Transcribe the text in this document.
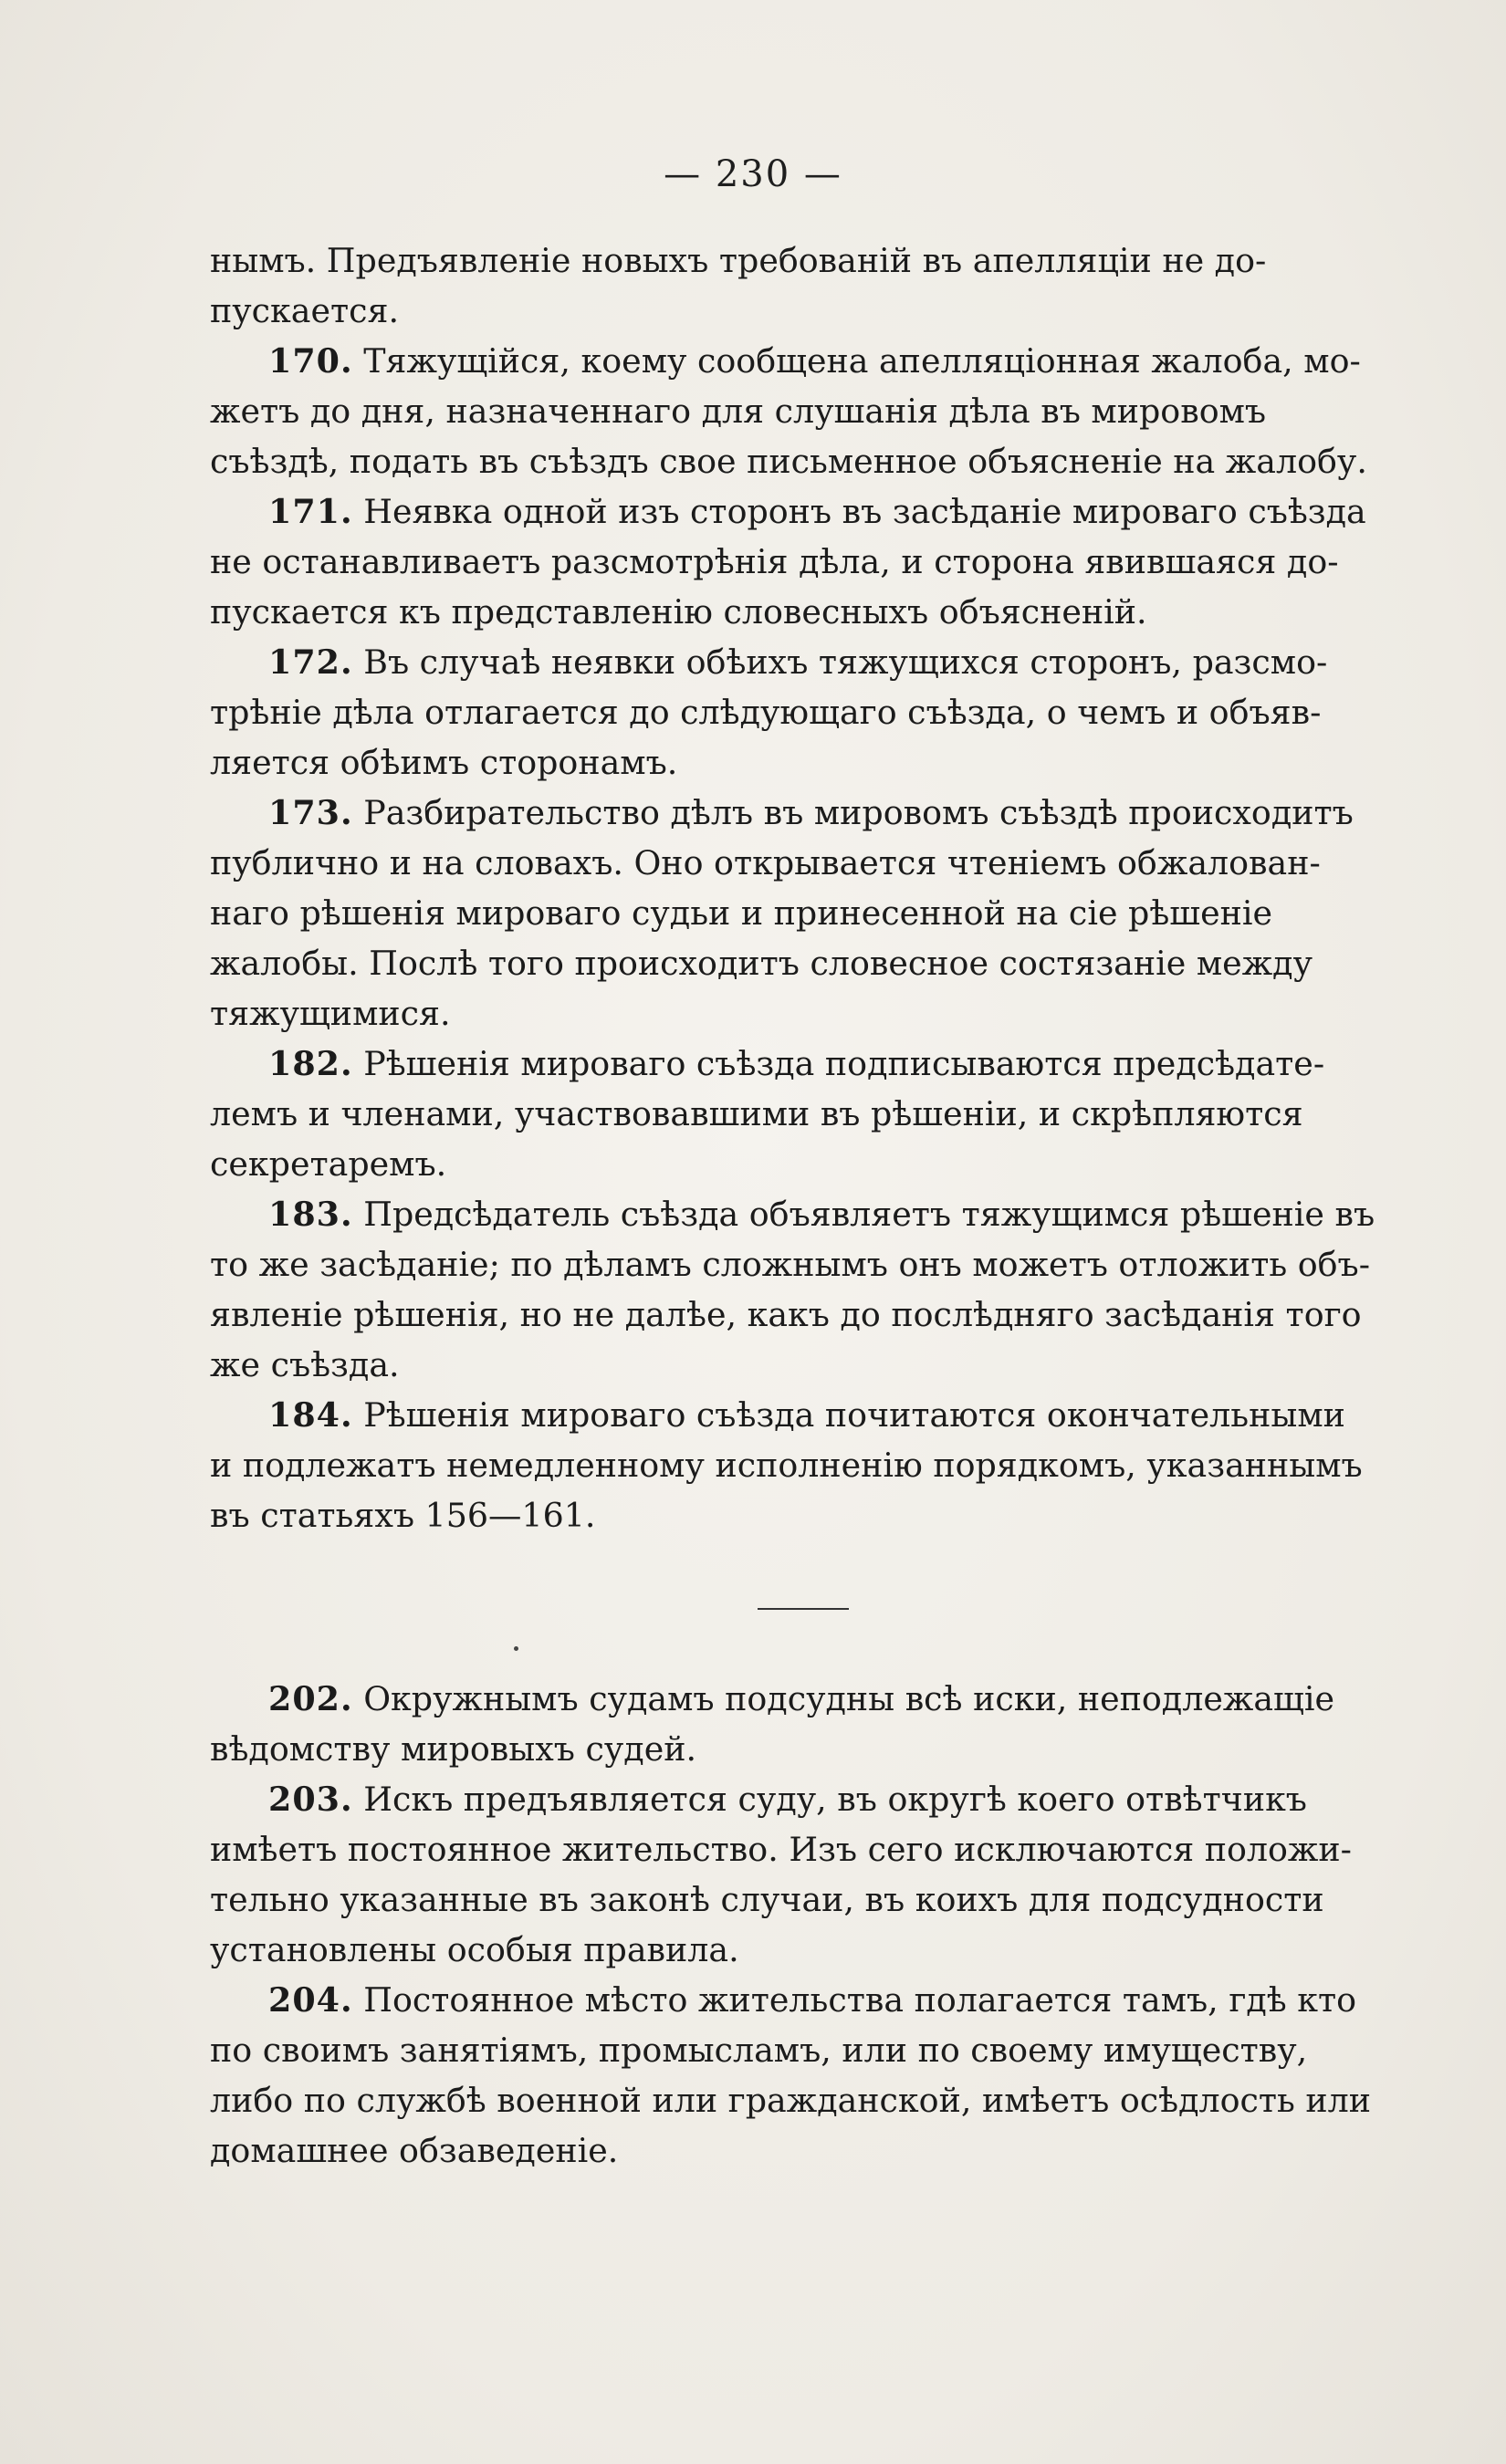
— 230 —
нымъ. Предъявленіе новыхъ требованій въ апелляціи не до-
пускается.
170. Тяжущійся, коему сообщена апелляціонная жалоба, мо-
жетъ до дня, назначеннаго для слушанія дѣла въ мировомъ
съѣздѣ, подать въ съѣздъ свое письменное объясненіе на жалобу.
171. Неявка одной изъ сторонъ въ засѣданіе мироваго съѣзда
не останавливаетъ разсмотрѣнія дѣла, и сторона явившаяся до-
пускается къ представленію словесныхъ объясненій.
172. Въ случаѣ неявки обѣихъ тяжущихся сторонъ, разсмо-
трѣніе дѣла отлагается до слѣдующаго съѣзда, о чемъ и объяв-
ляется обѣимъ сторонамъ.
173. Разбирательство дѣлъ въ мировомъ съѣздѣ происходитъ
публично и на словахъ. Оно открывается чтеніемъ обжалован-
наго рѣшенія мироваго судьи и принесенной на сіе рѣшеніе
жалобы. Послѣ того происходитъ словесное состязаніе между
тяжущимися.
182. Рѣшенія мироваго съѣзда подписываются предсѣдате-
лемъ и членами, участвовавшими въ рѣшеніи, и скрѣпляются
секретаремъ.
183. Предсѣдатель съѣзда объявляетъ тяжущимся рѣшеніе въ
то же засѣданіе; по дѣламъ сложнымъ онъ можетъ отложить объ-
явленіе рѣшенія, но не далѣе, какъ до послѣдняго засѣданія того
же съѣзда.
184. Рѣшенія мироваго съѣзда почитаются окончательными
и подлежатъ немедленному исполненію порядкомъ, указаннымъ
въ статьяхъ 156—161.
202. Окружнымъ судамъ подсудны всѣ иски, неподлежащіе
вѣдомству мировыхъ судей.
203. Искъ предъявляется суду, въ округѣ коего отвѣтчикъ
имѣетъ постоянное жительство. Изъ сего исключаются положи-
тельно указанные въ законѣ случаи, въ коихъ для подсудности
установлены особыя правила.
204. Постоянное мѣсто жительства полагается тамъ, гдѣ кто
по своимъ занятіямъ, промысламъ, или по своему имуществу,
либо по службѣ военной или гражданской, имѣетъ осѣдлость или
домашнее обзаведеніе.
